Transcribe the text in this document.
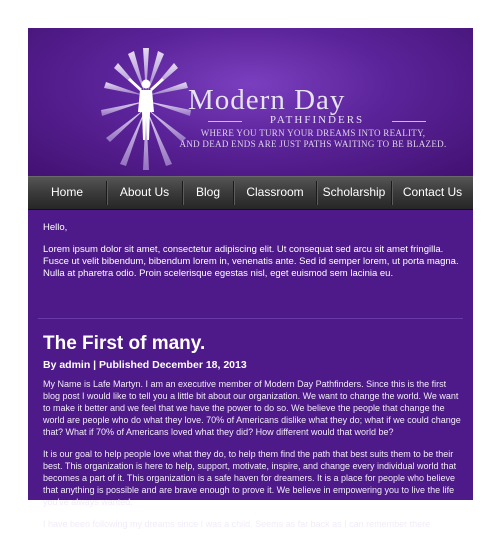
Modern Day
PATHFINDERS
WHERE YOU TURN YOUR DREAMS INTO REALITY,
AND DEAD ENDS ARE JUST PATHS WAITING TO BE BLAZED.
Home	About Us	Blog	Classroom	Scholarship	Contact Us

Hello,

Lorem ipsum dolor sit amet, consectetur adipiscing elit. Ut consequat sed arcu sit amet fringilla. Fusce ut velit bibendum, bibendum lorem in, venenatis ante. Sed id semper lorem, ut porta magna. Nulla at pharetra odio. Proin scelerisque egestas nisl, eget euismod sem lacinia eu.

The First of many.
By admin | Published December 18, 2013

My Name is Lafe Martyn. I am an executive member of Modern Day Pathfinders. Since this is the first blog post I would like to tell you a little bit about our organization. We want to change the world. We want to make it better and we feel that we have the power to do so. We believe the people that change the world are people who do what they love. 70% of Americans dislike what they do; what if we could change that? What if 70% of Americans loved what they did? How different would that world be?

It is our goal to help people love what they do, to help them find the path that best suits them to be their best. This organization is here to help, support, motivate, inspire, and change every individual world that becomes a part of it. This organization is a safe haven for dreamers. It is a place for people who believe that anything is possible and are brave enough to prove it. We believe in empowering you to live the life you've always wanted.

I have been following my dreams since I was a child. Seems as far back as I can remember there
